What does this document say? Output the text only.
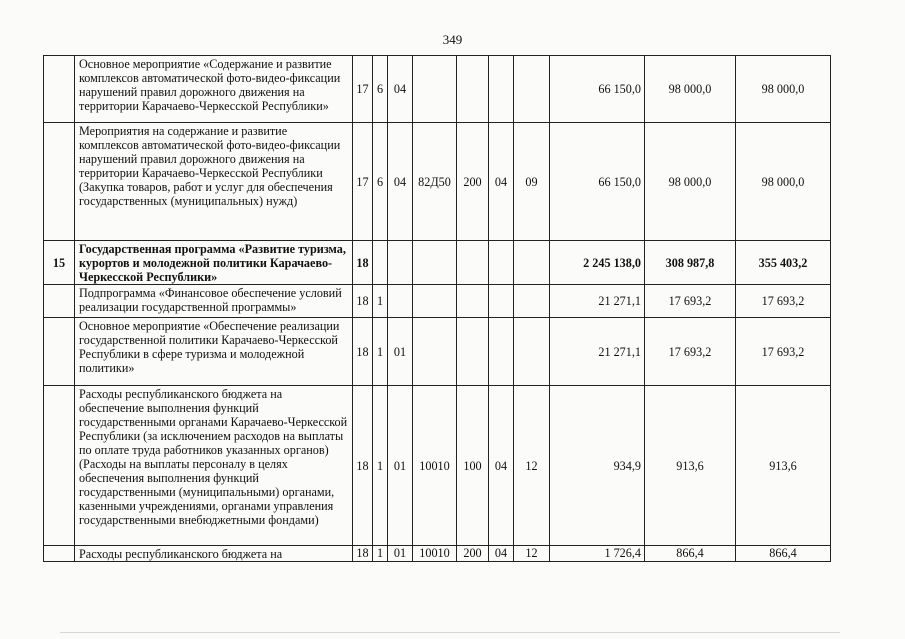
349
	Основное мероприятие «Содержание и развитие комплексов автоматической фото-видео-фиксации нарушений правил дорожного движения на территории Карачаево-Черкесской Республики»	17	6	04					66 150,0	98 000,0	98 000,0
	Мероприятия на содержание и развитие комплексов автоматической фото-видео-фиксации нарушений правил дорожного движения на территории Карачаево-Черкесской Республики (Закупка товаров, работ и услуг для обеспечения государственных (муниципальных) нужд)	17	6	04	82Д50	200	04	09	66 150,0	98 000,0	98 000,0
15	Государственная программа «Развитие туризма, курортов и молодежной политики Карачаево-Черкесской Республики»	18							2 245 138,0	308 987,8	355 403,2
	Подпрограмма «Финансовое обеспечение условий реализации государственной программы»	18	1						21 271,1	17 693,2	17 693,2
	Основное мероприятие «Обеспечение реализации государственной политики Карачаево-Черкесской Республики в сфере туризма и молодежной политики»	18	1	01					21 271,1	17 693,2	17 693,2
	Расходы республиканского бюджета на обеспечение выполнения функций государственными органами Карачаево-Черкесской Республики (за исключением расходов на выплаты по оплате труда работников указанных органов) (Расходы на выплаты персоналу в целях обеспечения выполнения функций государственными (муниципальными) органами, казенными учреждениями, органами управления государственными внебюджетными фондами)	18	1	01	10010	100	04	12	934,9	913,6	913,6
	Расходы республиканского бюджета на	18	1	01	10010	200	04	12	1 726,4	866,4	866,4
